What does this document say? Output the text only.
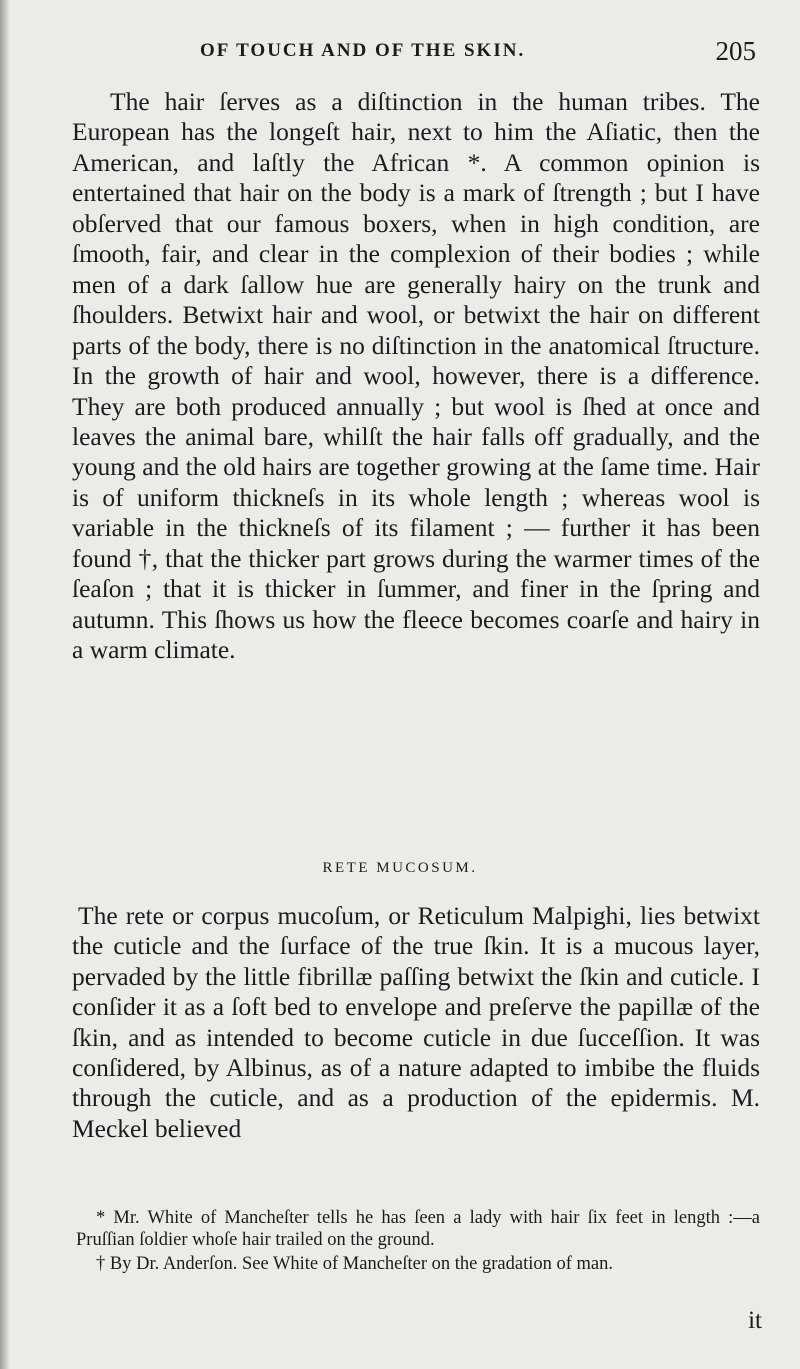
OF TOUCH AND OF THE SKIN.	205

The hair ſerves as a diſtinction in the human tribes. The European has the longeſt hair, next to him the Aſiatic, then the American, and laſtly the African *. A common opinion is entertained that hair on the body is a mark of ſtrength ; but I have obſerved that our famous boxers, when in high condition, are ſmooth, fair, and clear in the complexion of their bodies ; while men of a dark ſallow hue are generally hairy on the trunk and ſhoulders. Betwixt hair and wool, or betwixt the hair on different parts of the body, there is no diſtinction in the anatomical ſtructure. In the growth of hair and wool, however, there is a difference. They are both produced annually ; but wool is ſhed at once and leaves the animal bare, whilſt the hair falls off gradually, and the young and the old hairs are together growing at the ſame time. Hair is of uniform thickneſs in its whole length ; whereas wool is variable in the thickneſs of its filament ; — further it has been found †, that the thicker part grows during the warmer times of the ſeaſon ; that it is thicker in ſummer, and finer in the ſpring and autumn. This ſhows us how the fleece becomes coarſe and hairy in a warm climate.

RETE MUCOSUM.

The rete or corpus mucoſum, or Reticulum Malpighi, lies betwixt the cuticle and the ſurface of the true ſkin. It is a mucous layer, pervaded by the little fibrillæ paſſing betwixt the ſkin and cuticle. I conſider it as a ſoft bed to envelope and preſerve the papillæ of the ſkin, and as intended to become cuticle in due ſucceſſion. It was conſidered, by Albinus, as of a nature adapted to imbibe the fluids through the cuticle, and as a production of the epidermis. M. Meckel believed

* Mr. White of Mancheſter tells he has ſeen a lady with hair ſix feet in length :—a Pruſſian ſoldier whoſe hair trailed on the ground.

† By Dr. Anderſon. See White of Mancheſter on the gradation of man.

it
